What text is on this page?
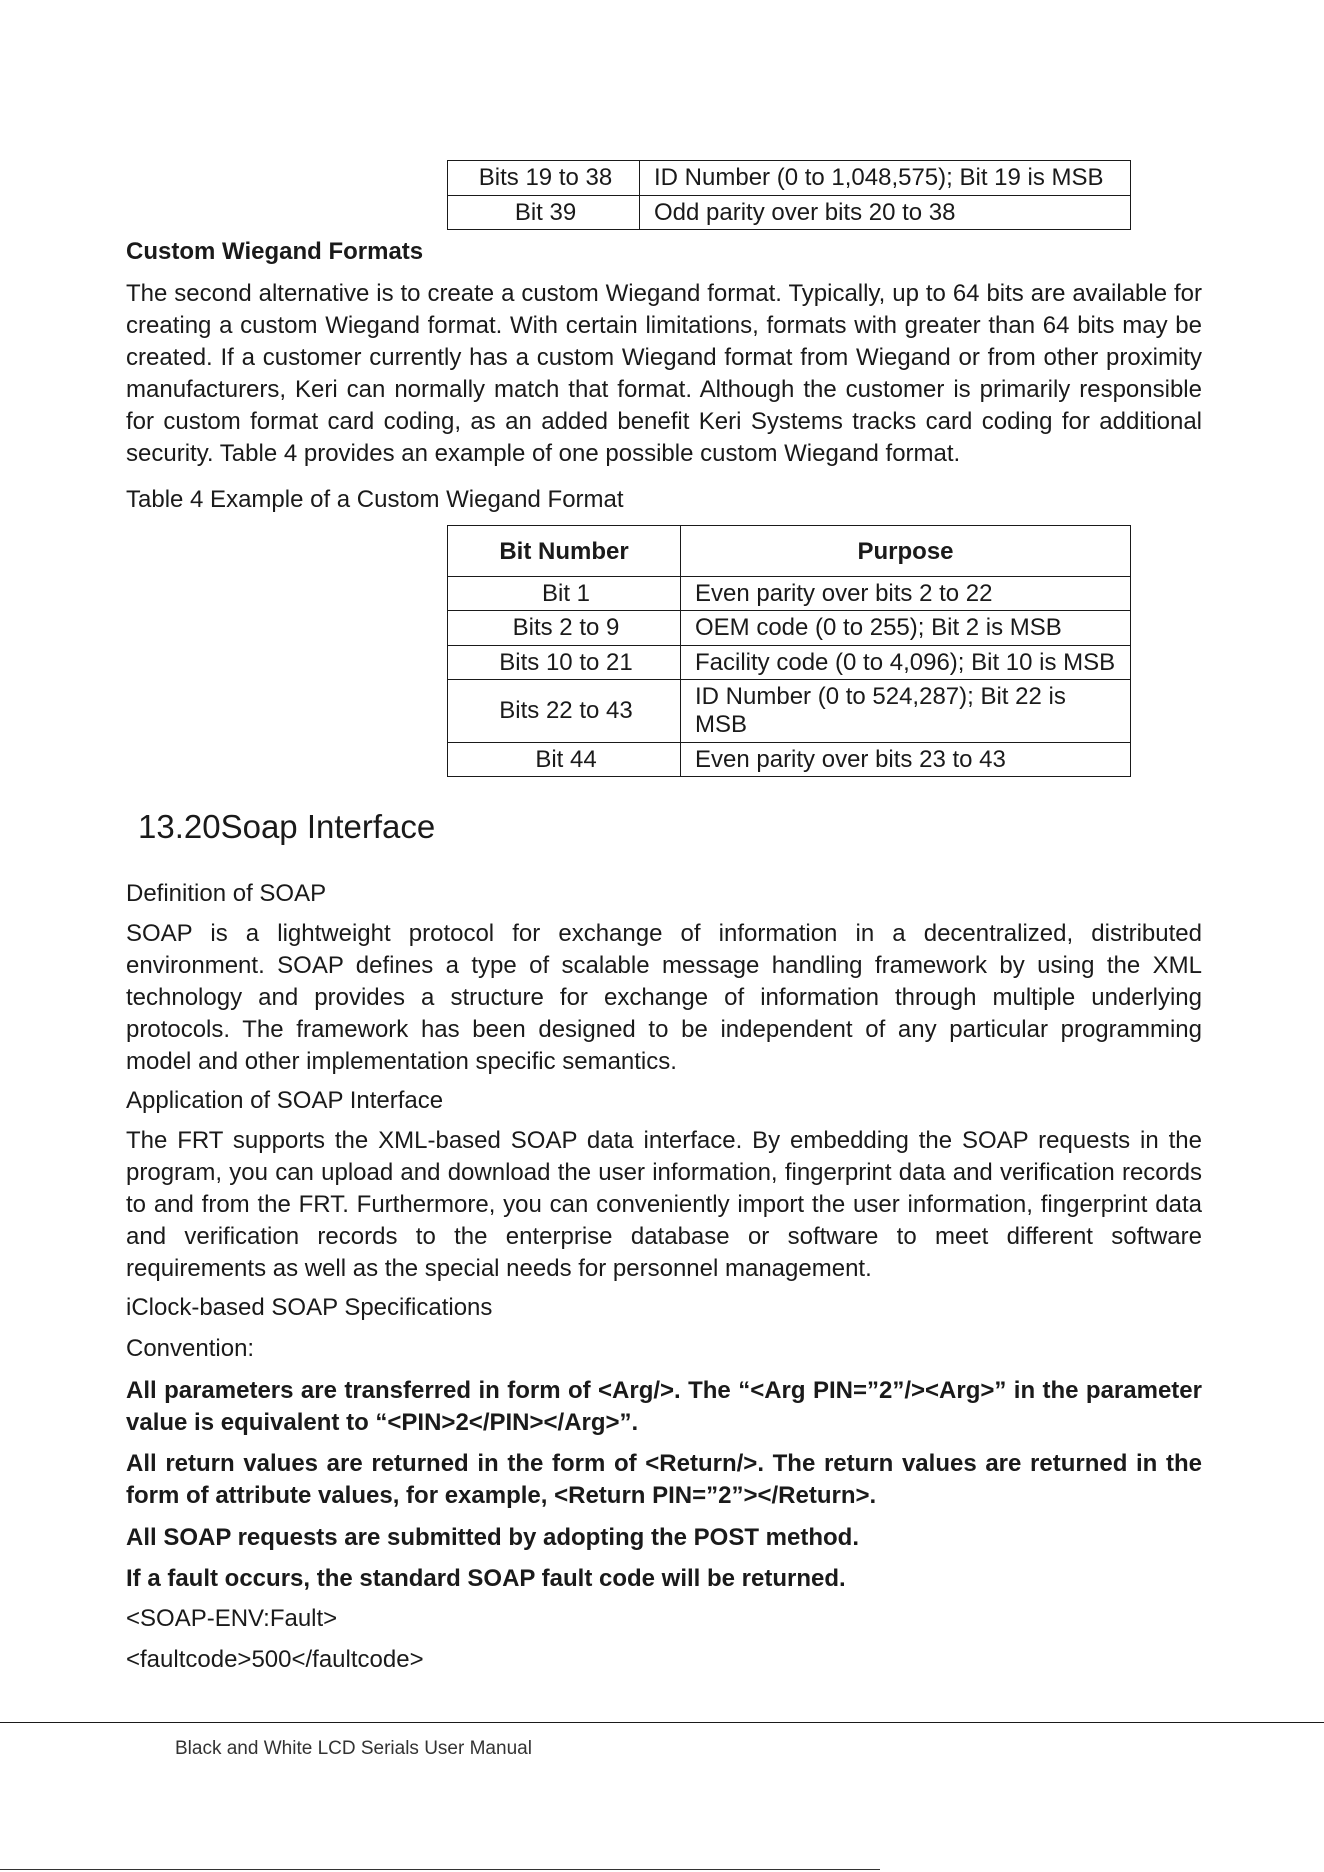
Bits 19 to 38	ID Number (0 to 1,048,575); Bit 19 is MSB
Bit 39	Odd parity over bits 20 to 38
Custom Wiegand Formats

The second alternative is to create a custom Wiegand format. Typically, up to 64 bits are available for creating a custom Wiegand format. With certain limitations, formats with greater than 64 bits may be created. If a customer currently has a custom Wiegand format from Wiegand or from other proximity manufacturers, Keri can normally match that format. Although the customer is primarily responsible for custom format card coding, as an added benefit Keri Systems tracks card coding for additional security. Table 4 provides an example of one possible custom Wiegand format.

Table 4 Example of a Custom Wiegand Format
Bit Number	Purpose
Bit 1	Even parity over bits 2 to 22
Bits 2 to 9	OEM code (0 to 255); Bit 2 is MSB
Bits 10 to 21	Facility code (0 to 4,096); Bit 10 is MSB
Bits 22 to 43	ID Number (0 to 524,287); Bit 22 is MSB
Bit 44	Even parity over bits 23 to 43
13.20Soap Interface
Definition of SOAP

SOAP is a lightweight protocol for exchange of information in a decentralized, distributed environment. SOAP defines a type of scalable message handling framework by using the XML technology and provides a structure for exchange of information through multiple underlying protocols. The framework has been designed to be independent of any particular programming model and other implementation specific semantics.

Application of SOAP Interface

The FRT supports the XML-based SOAP data interface. By embedding the SOAP requests in the program, you can upload and download the user information, fingerprint data and verification records to and from the FRT. Furthermore, you can conveniently import the user information, fingerprint data and verification records to the enterprise database or software to meet different software requirements as well as the special needs for personnel management.

iClock-based SOAP Specifications
Convention:

All parameters are transferred in form of <Arg/>. The “<Arg PIN=”2”/><Arg>” in the parameter value is equivalent to “<PIN>2</PIN></Arg>”.

All return values are returned in the form of <Return/>. The return values are returned in the form of attribute values, for example, <Return PIN=”2”></Return>.

All SOAP requests are submitted by adopting the POST method.

If a fault occurs, the standard SOAP fault code will be returned.

<SOAP-ENV:Fault>
<faultcode>500</faultcode>
Black and White LCD Serials User Manual
